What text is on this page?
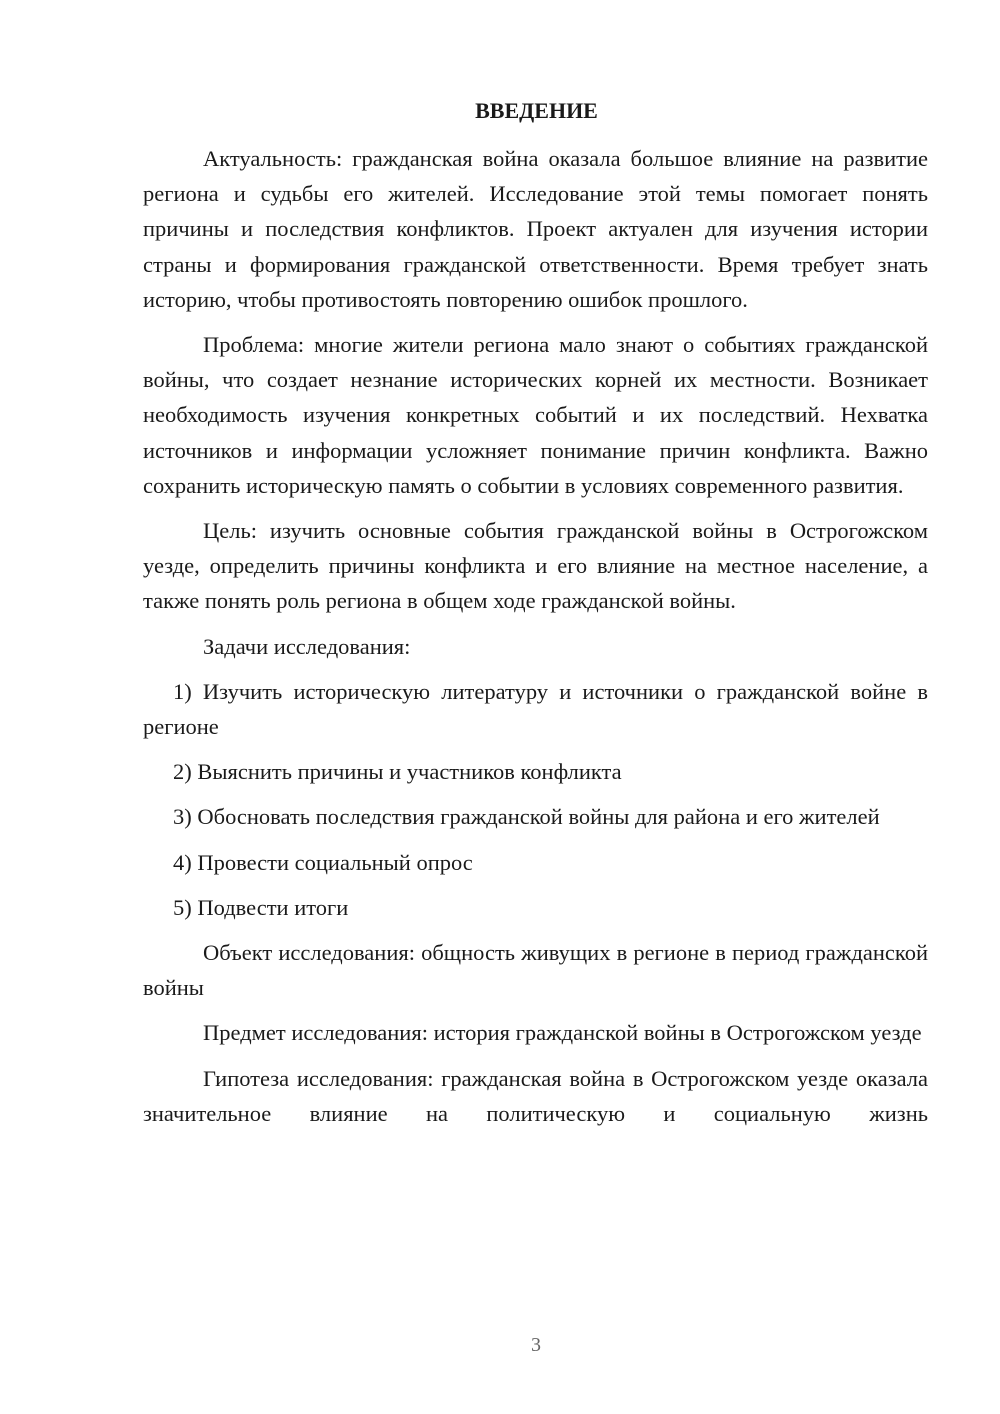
ВВЕДЕНИЕ

Актуальность: гражданская война оказала большое влияние на развитие региона и судьбы его жителей. Исследование этой темы помогает понять причины и последствия конфликтов. Проект актуален для изучения истории страны и формирования гражданской ответственности. Время требует знать историю, чтобы противостоять повторению ошибок прошлого.

Проблема: многие жители региона мало знают о событиях гражданской войны, что создает незнание исторических корней их местности. Возникает необходимость изучения конкретных событий и их последствий. Нехватка источников и информации усложняет понимание причин конфликта. Важно сохранить историческую память о событии в условиях современного развития.

Цель: изучить основные события гражданской войны в Острогожском уезде, определить причины конфликта и его влияние на местное население, а также понять роль региона в общем ходе гражданской войны.

Задачи исследования:

1) Изучить историческую литературу и источники о гражданской войне в регионе

2) Выяснить причины и участников конфликта

3) Обосновать последствия гражданской войны для района и его жителей

4) Провести социальный опрос

5) Подвести итоги

Объект исследования: общность живущих в регионе в период гражданской войны

Предмет исследования: история гражданской войны в Острогожском уезде

Гипотеза исследования: гражданская война в Острогожском уезде оказала значительное влияние на политическую и социальную жизнь

3
